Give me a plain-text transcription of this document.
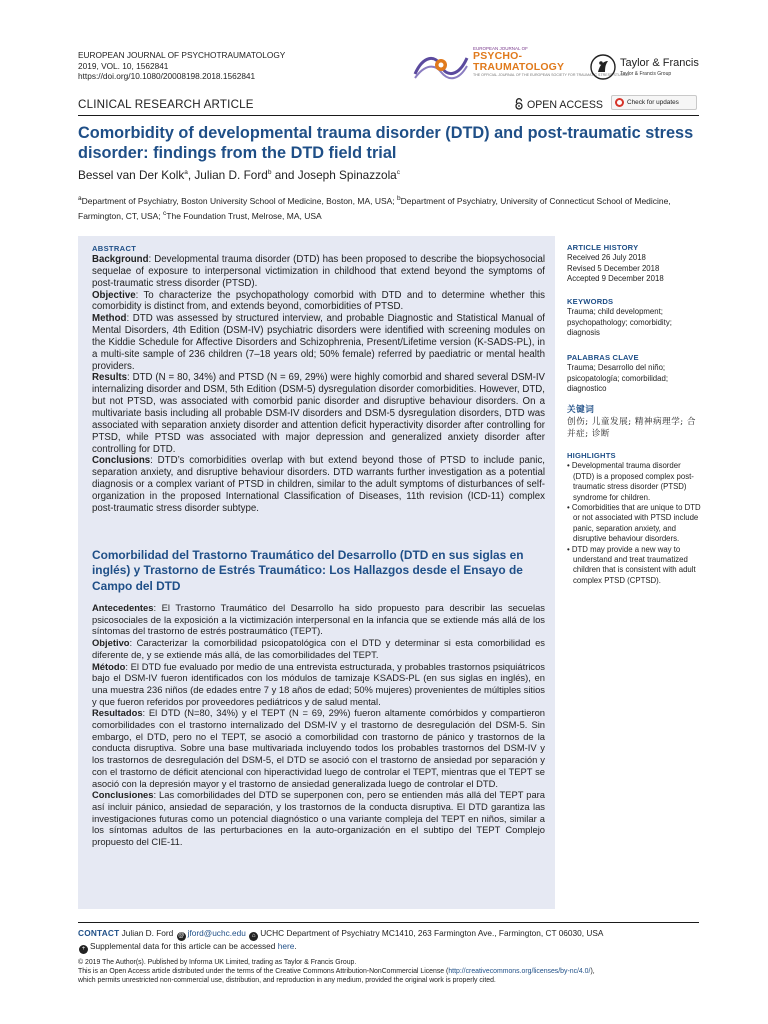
EUROPEAN JOURNAL OF PSYCHOTRAUMATOLOGY
2019, VOL. 10, 1562841
https://doi.org/10.1080/20008198.2018.1562841
EUROPEAN JOURNAL OF
PSYCHO-
TRAUMATOLOGY
THE OFFICIAL JOURNAL OF THE EUROPEAN SOCIETY FOR TRAUMATIC STRESS STUDIES
Taylor & Francis
Taylor & Francis Group
CLINICAL RESEARCH ARTICLE	OPEN ACCESS	Check for updates
Comorbidity of developmental trauma disorder (DTD) and post-traumatic stress disorder: findings from the DTD field trial
Bessel van Der Kolk$^a$, Julian D. Ford$^b$ and Joseph Spinazzola$^c$
$^a$Department of Psychiatry, Boston University School of Medicine, Boston, MA, USA; $^b$Department of Psychiatry, University of Connecticut School of Medicine, Farmington, CT, USA; $^c$The Foundation Trust, Melrose, MA, USA
ABSTRACT

Background: Developmental trauma disorder (DTD) has been proposed to describe the biopsychosocial sequelae of exposure to interpersonal victimization in childhood that extend beyond the symptoms of post-traumatic stress disorder (PTSD).

Objective: To characterize the psychopathology comorbid with DTD and to determine whether this comorbidity is distinct from, and extends beyond, comorbidities of PTSD.

Method: DTD was assessed by structured interview, and probable Diagnostic and Statistical Manual of Mental Disorders, 4th Edition (DSM-IV) psychiatric disorders were identified with screening modules on the Kiddie Schedule for Affective Disorders and Schizophrenia, Present/Lifetime version (K-SADS-PL), in a multi-site sample of 236 children (7–18 years old; 50% female) referred by paediatric or mental health providers.

Results: DTD (N = 80, 34%) and PTSD (N = 69, 29%) were highly comorbid and shared several DSM-IV internalizing disorder and DSM, 5th Edition (DSM-5) dysregulation disorder comorbidities. However, DTD, but not PTSD, was associated with comorbid panic disorder and disruptive behaviour disorders. On a multivariate basis including all probable DSM-IV disorders and DSM-5 dysregulation disorders, DTD was associated with separation anxiety disorder and attention deficit hyperactivity disorder after controlling for PTSD, while PTSD was associated with major depression and generalized anxiety disorder after controlling for DTD.

Conclusions: DTD’s comorbidities overlap with but extend beyond those of PTSD to include panic, separation anxiety, and disruptive behaviour disorders. DTD warrants further investigation as a potential diagnosis or a complex variant of PTSD in children, similar to the adult symptoms of disturbances of self-organization in the proposed International Classification of Diseases, 11th revision (ICD-11) complex post-traumatic stress disorder subtype.

Comorbilidad del Trastorno Traumático del Desarrollo (DTD en sus siglas en inglés) y Trastorno de Estrés Traumático: Los Hallazgos desde el Ensayo de Campo del DTD

Antecedentes: El Trastorno Traumático del Desarrollo ha sido propuesto para describir las secuelas psicosociales de la exposición a la victimización interpersonal en la infancia que se extiende más allá de los síntomas del trastorno de estrés postraumático (TEPT).

Objetivo: Caracterizar la comorbilidad psicopatológica con el DTD y determinar si esta comorbilidad es diferente de, y se extiende más allá, de las comorbilidades del TEPT.

Método: El DTD fue evaluado por medio de una entrevista estructurada, y probables trastornos psiquiátricos bajo el DSM-IV fueron identificados con los módulos de tamizaje KSADS-PL (en sus siglas en inglés), en una muestra 236 niños (de edades entre 7 y 18 años de edad; 50% mujeres) provenientes de múltiples sitios y que fueron referidos por proveedores pediátricos y de salud mental.

Resultados: El DTD (N=80, 34%) y el TEPT (N = 69, 29%) fueron altamente comórbidos y compartieron comorbilidades con el trastorno internalizado del DSM-IV y el trastorno de desregulación del DSM-5. Sin embargo, el DTD, pero no el TEPT, se asoció a comorbilidad con trastorno de pánico y trastornos de la conducta disruptiva. Sobre una base multivariada incluyendo todos los probables trastornos del DSM-IV y los trastornos de desregulación del DSM-5, el DTD se asoció con el trastorno de ansiedad por separación y con el trastorno de déficit atencional con hiperactividad luego de controlar el TEPT, mientras que el TEPT se asoció con la depresión mayor y el trastorno de ansiedad generalizada luego de controlar el DTD.

Conclusiones: Las comorbilidades del DTD se superponen con, pero se entienden más allá del TEPT para así incluir pánico, ansiedad de separación, y los trastornos de la conducta disruptiva. El DTD garantiza las investigaciones futuras como un potencial diagnóstico o una variante compleja del TEPT en niños, similar a los síntomas adultos de las perturbaciones en la auto-organización en el subtipo del TEPT Complejo propuesto del CIE-11.

ARTICLE HISTORY
Received 26 July 2018
Revised 5 December 2018
Accepted 9 December 2018
KEYWORDS
Trauma; child development; psychopathology; comorbidity; diagnosis
PALABRAS CLAVE
Trauma; Desarrollo del niño; psicopatología; comorbilidad; diagnostico
关键词
创伤; 儿童发展; 精神病理学; 合并症; 诊断
HIGHLIGHTS
• Developmental trauma disorder (DTD) is a proposed complex post-traumatic stress disorder (PTSD) syndrome for children.
• Comorbidities that are unique to DTD or not associated with PTSD include panic, separation anxiety, and disruptive behaviour disorders.
• DTD may provide a new way to understand and treat traumatized children that is consistent with adult complex PTSD (CPTSD).
CONTACT Julian D. Ford @ jford@uchc.edu ⌂ UCHC Department of Psychiatry MC1410, 263 Farmington Ave., Farmington, CT 06030, USA
+ Supplemental data for this article can be accessed here.
© 2019 The Author(s). Published by Informa UK Limited, trading as Taylor & Francis Group.
This is an Open Access article distributed under the terms of the Creative Commons Attribution-NonCommercial License (http://creativecommons.org/licenses/by-nc/4.0/),
which permits unrestricted non-commercial use, distribution, and reproduction in any medium, provided the original work is properly cited.
